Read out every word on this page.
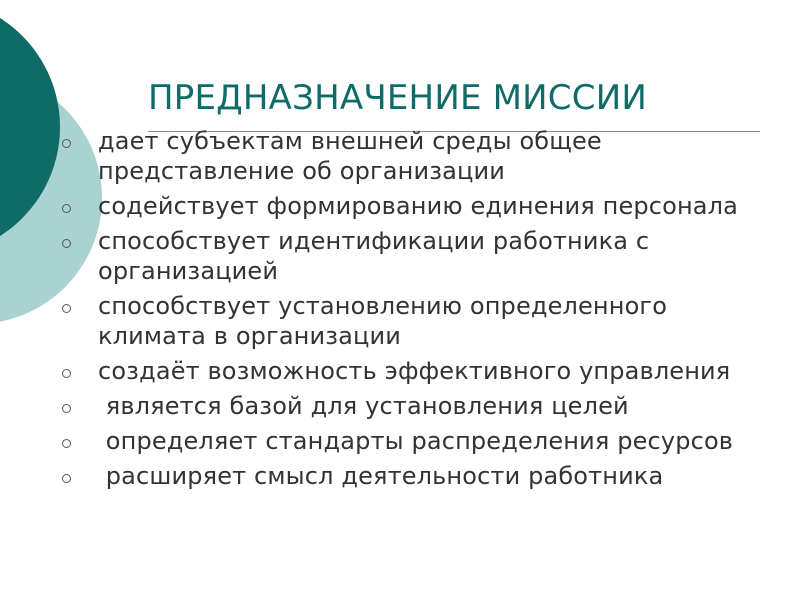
ПРЕДНАЗНАЧЕНИЕ МИССИИ
дает субъектам внешней среды общее представление об организации
содействует формированию единения персонала
способствует идентификации работника с организацией
способствует установлению определенного климата в организации
создаёт возможность эффективного управления
является базой для установления целей
определяет стандарты распределения ресурсов
расширяет смысл деятельности работника
